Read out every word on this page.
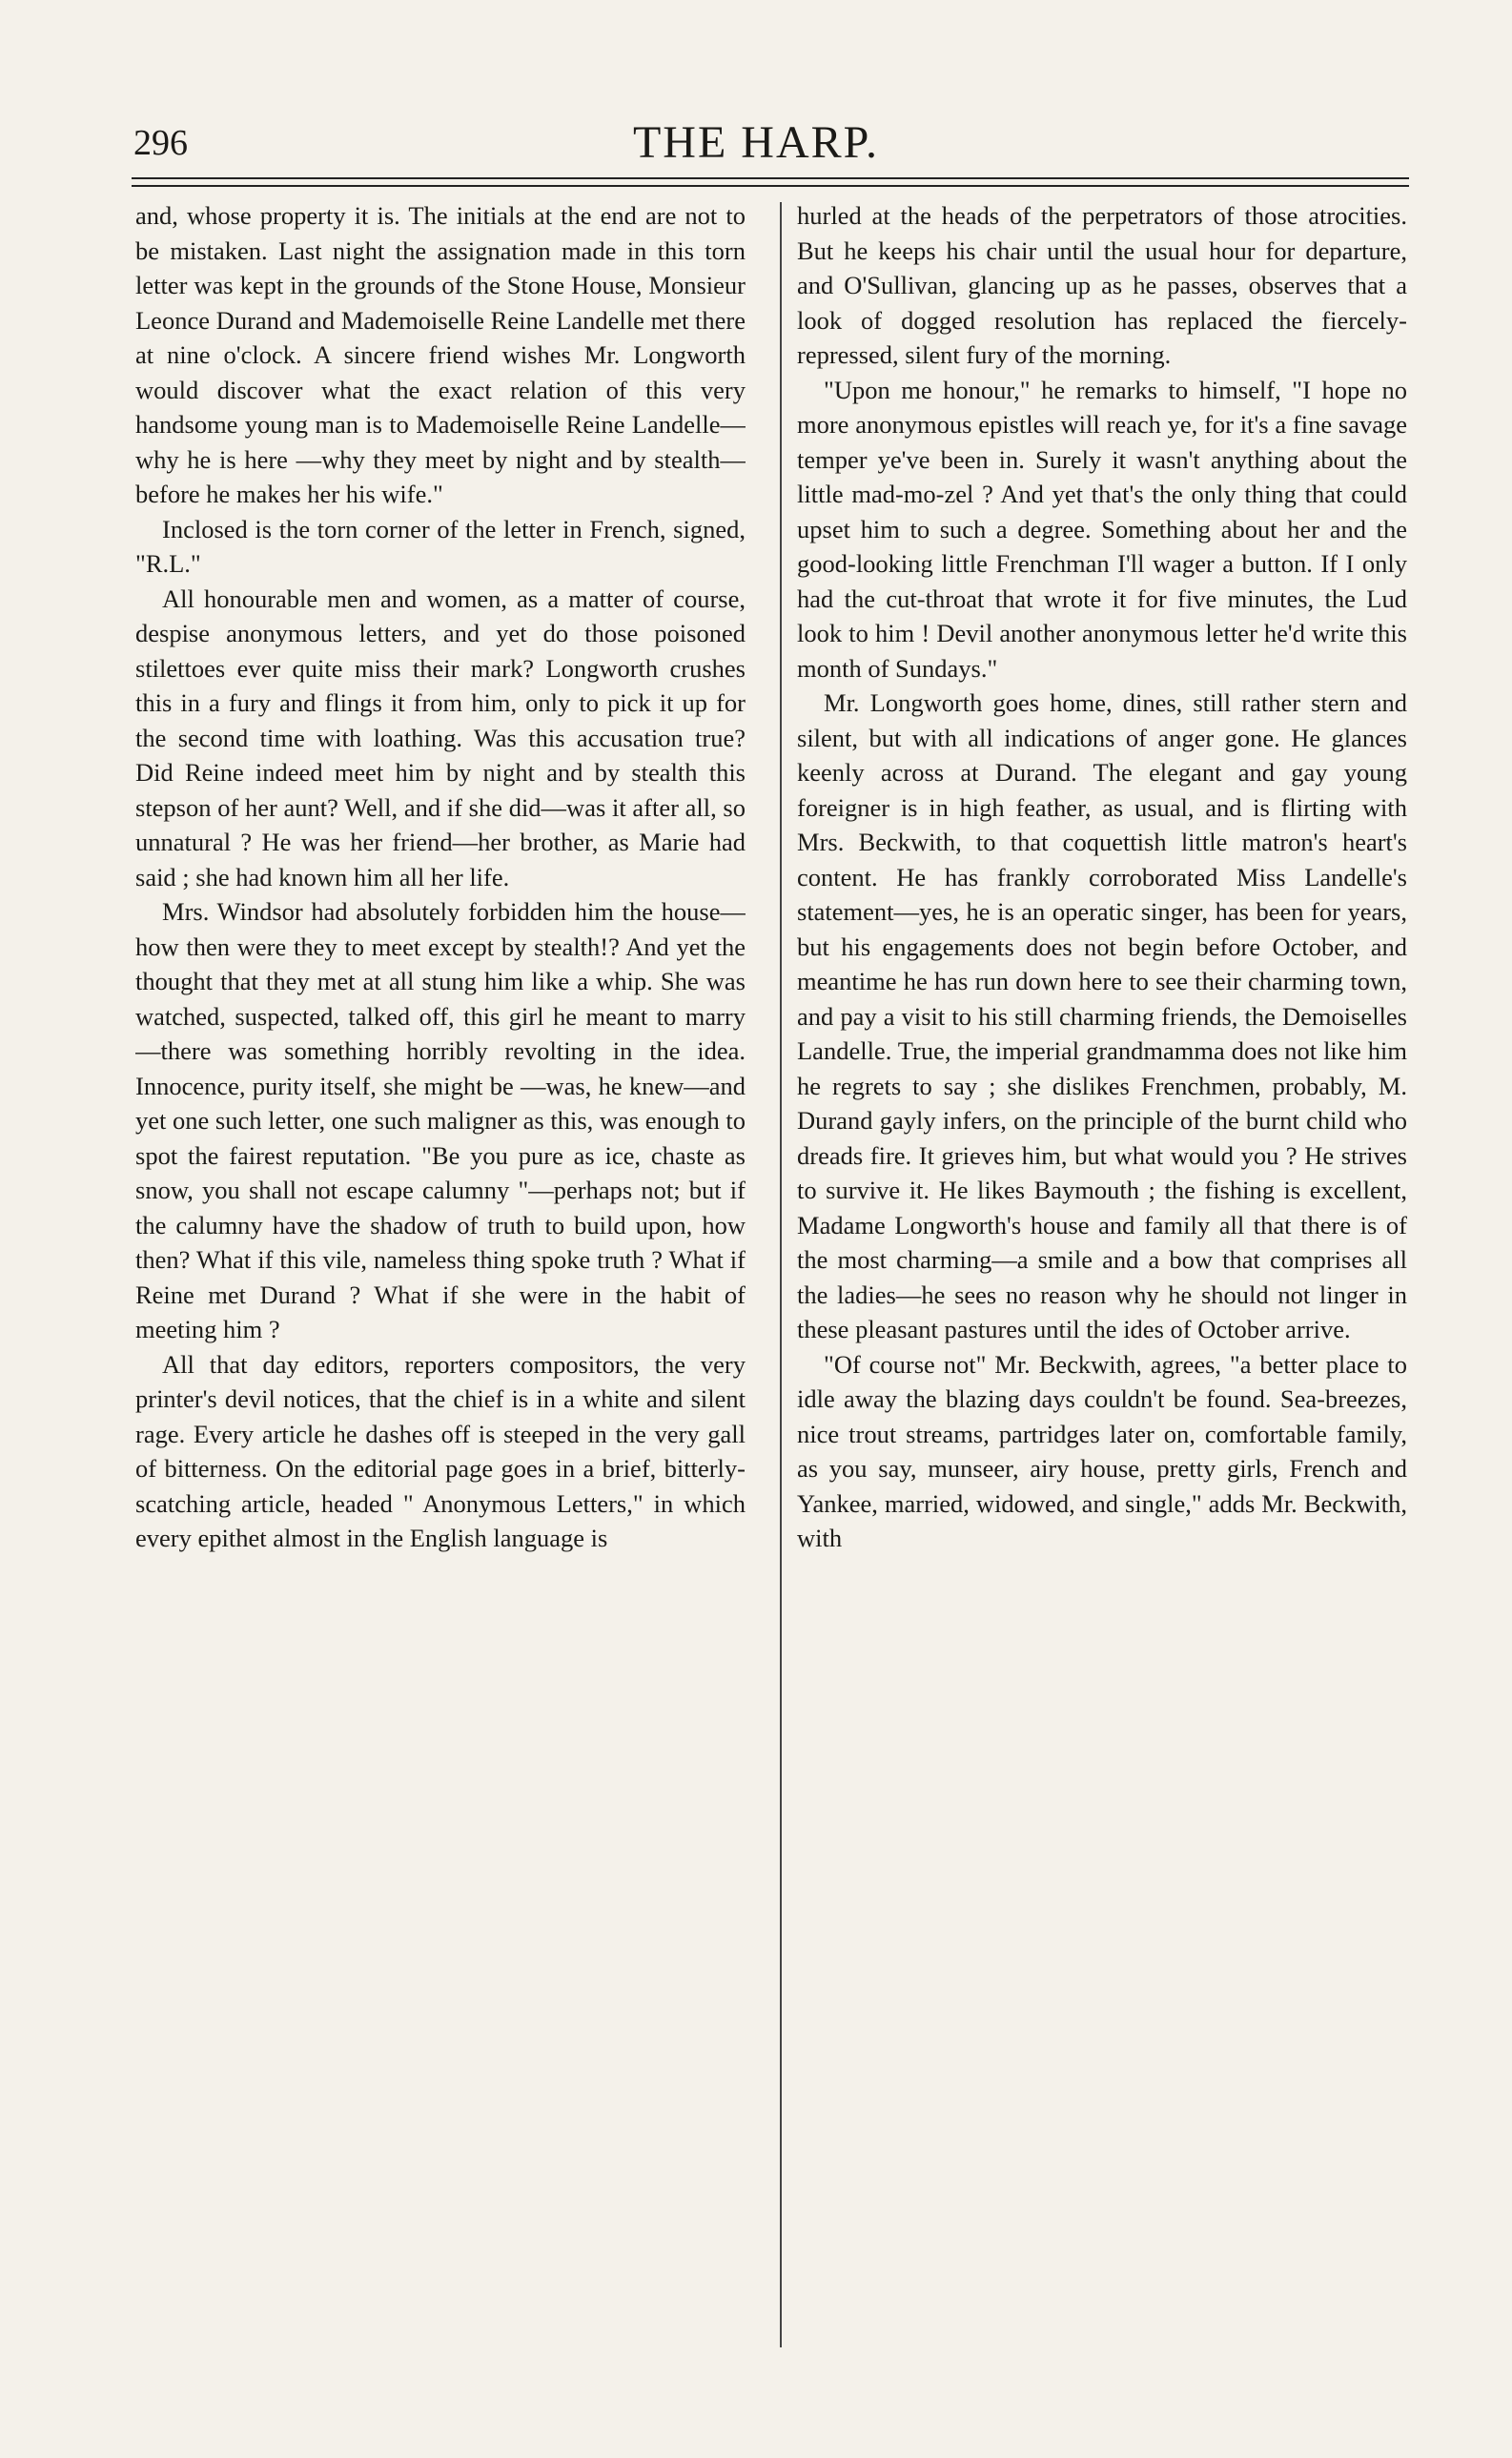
296	THE HARP.

and, whose property it is. The initials at the end are not to be mistaken. Last night the assignation made in this torn letter was kept in the grounds of the Stone House, Monsieur Leonce Durand and Mademoiselle Reine Landelle met there at nine o'clock. A sincere friend wishes Mr. Longworth would discover what the exact relation of this very handsome young man is to Mademoiselle Reine Landelle—why he is here —why they meet by night and by stealth—before he makes her his wife."

Inclosed is the torn corner of the letter in French, signed, "R.L."

All honourable men and women, as a matter of course, despise anonymous letters, and yet do those poisoned stilettoes ever quite miss their mark? Longworth crushes this in a fury and flings it from him, only to pick it up for the second time with loathing. Was this accusation true? Did Reine indeed meet him by night and by stealth this stepson of her aunt? Well, and if she did—was it after all, so unnatural ? He was her friend—her brother, as Marie had said ; she had known him all her life.

Mrs. Windsor had absolutely forbidden him the house—how then were they to meet except by stealth!? And yet the thought that they met at all stung him like a whip. She was watched, suspected, talked off, this girl he meant to marry—there was something horribly revolting in the idea. Innocence, purity itself, she might be —was, he knew—and yet one such letter, one such maligner as this, was enough to spot the fairest reputation. "Be you pure as ice, chaste as snow, you shall not escape calumny "—perhaps not; but if the calumny have the shadow of truth to build upon, how then? What if this vile, nameless thing spoke truth ? What if Reine met Durand ? What if she were in the habit of meeting him ?

All that day editors, reporters compositors, the very printer's devil notices, that the chief is in a white and silent rage. Every article he dashes off is steeped in the very gall of bitterness. On the editorial page goes in a brief, bitterly-scatching article, headed " Anonymous Letters," in which every epithet almost in the English language is

hurled at the heads of the perpetrators of those atrocities. But he keeps his chair until the usual hour for departure, and O'Sullivan, glancing up as he passes, observes that a look of dogged resolution has replaced the fiercely-repressed, silent fury of the morning.

"Upon me honour," he remarks to himself, "I hope no more anonymous epistles will reach ye, for it's a fine savage temper ye've been in. Surely it wasn't anything about the little mad-mo-zel ? And yet that's the only thing that could upset him to such a degree. Something about her and the good-looking little Frenchman I'll wager a button. If I only had the cut-throat that wrote it for five minutes, the Lud look to him ! Devil another anonymous letter he'd write this month of Sundays."

Mr. Longworth goes home, dines, still rather stern and silent, but with all indications of anger gone. He glances keenly across at Durand. The elegant and gay young foreigner is in high feather, as usual, and is flirting with Mrs. Beckwith, to that coquettish little matron's heart's content. He has frankly corroborated Miss Landelle's statement—yes, he is an operatic singer, has been for years, but his engagements does not begin before October, and meantime he has run down here to see their charming town, and pay a visit to his still charming friends, the Demoiselles Landelle. True, the imperial grandmamma does not like him he regrets to say ; she dislikes Frenchmen, probably, M. Durand gayly infers, on the principle of the burnt child who dreads fire. It grieves him, but what would you ? He strives to survive it. He likes Baymouth ; the fishing is excellent, Madame Longworth's house and family all that there is of the most charming—a smile and a bow that comprises all the ladies—he sees no reason why he should not linger in these pleasant pastures until the ides of October arrive.

"Of course not" Mr. Beckwith, agrees, "a better place to idle away the blazing days couldn't be found. Sea-breezes, nice trout streams, partridges later on, comfortable family, as you say, munseer, airy house, pretty girls, French and Yankee, married, widowed, and single," adds Mr. Beckwith, with
